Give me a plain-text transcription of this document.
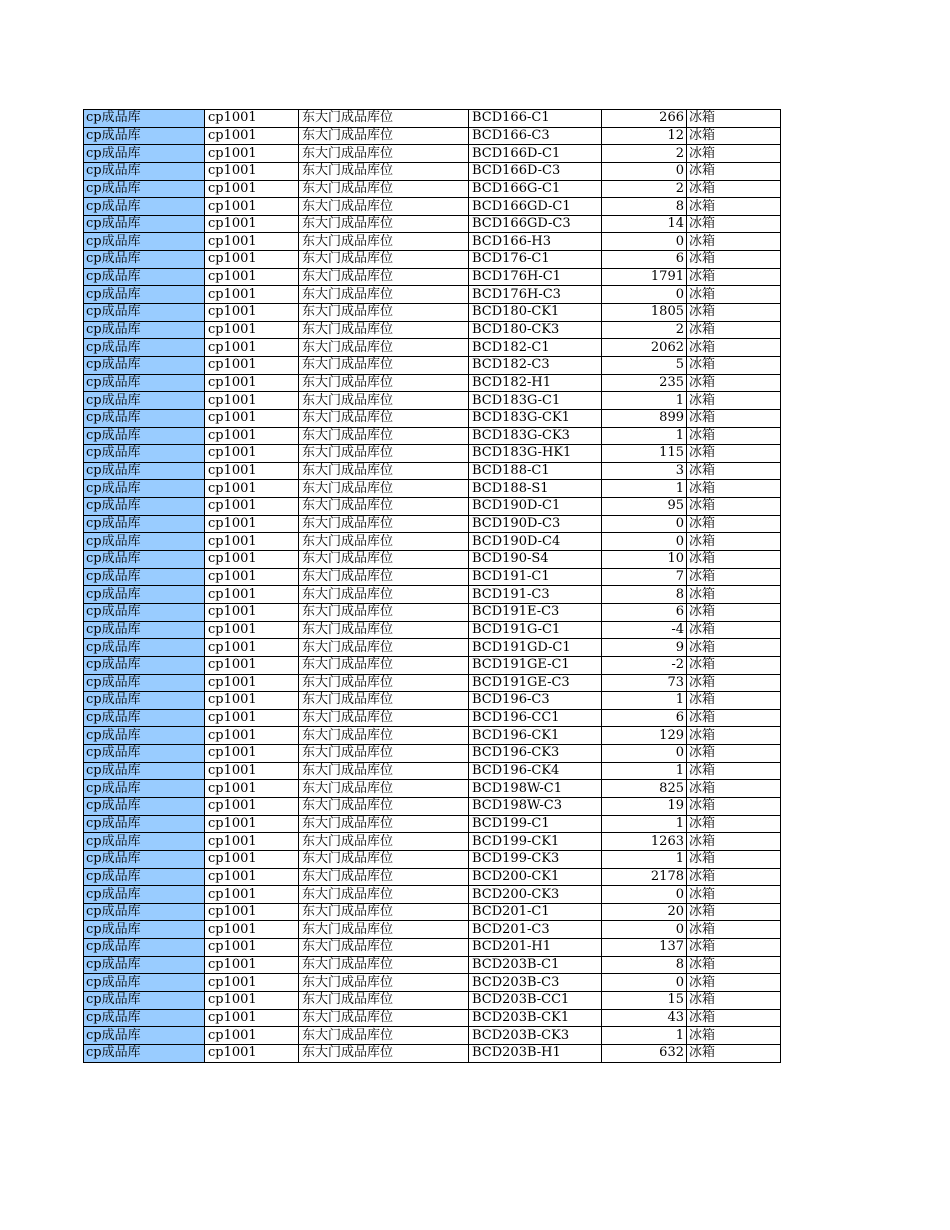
cp成品库	cp1001	东大门成品库位	BCD166-C1	266	冰箱
cp成品库	cp1001	东大门成品库位	BCD166-C3	12	冰箱
cp成品库	cp1001	东大门成品库位	BCD166D-C1	2	冰箱
cp成品库	cp1001	东大门成品库位	BCD166D-C3	0	冰箱
cp成品库	cp1001	东大门成品库位	BCD166G-C1	2	冰箱
cp成品库	cp1001	东大门成品库位	BCD166GD-C1	8	冰箱
cp成品库	cp1001	东大门成品库位	BCD166GD-C3	14	冰箱
cp成品库	cp1001	东大门成品库位	BCD166-H3	0	冰箱
cp成品库	cp1001	东大门成品库位	BCD176-C1	6	冰箱
cp成品库	cp1001	东大门成品库位	BCD176H-C1	1791	冰箱
cp成品库	cp1001	东大门成品库位	BCD176H-C3	0	冰箱
cp成品库	cp1001	东大门成品库位	BCD180-CK1	1805	冰箱
cp成品库	cp1001	东大门成品库位	BCD180-CK3	2	冰箱
cp成品库	cp1001	东大门成品库位	BCD182-C1	2062	冰箱
cp成品库	cp1001	东大门成品库位	BCD182-C3	5	冰箱
cp成品库	cp1001	东大门成品库位	BCD182-H1	235	冰箱
cp成品库	cp1001	东大门成品库位	BCD183G-C1	1	冰箱
cp成品库	cp1001	东大门成品库位	BCD183G-CK1	899	冰箱
cp成品库	cp1001	东大门成品库位	BCD183G-CK3	1	冰箱
cp成品库	cp1001	东大门成品库位	BCD183G-HK1	115	冰箱
cp成品库	cp1001	东大门成品库位	BCD188-C1	3	冰箱
cp成品库	cp1001	东大门成品库位	BCD188-S1	1	冰箱
cp成品库	cp1001	东大门成品库位	BCD190D-C1	95	冰箱
cp成品库	cp1001	东大门成品库位	BCD190D-C3	0	冰箱
cp成品库	cp1001	东大门成品库位	BCD190D-C4	0	冰箱
cp成品库	cp1001	东大门成品库位	BCD190-S4	10	冰箱
cp成品库	cp1001	东大门成品库位	BCD191-C1	7	冰箱
cp成品库	cp1001	东大门成品库位	BCD191-C3	8	冰箱
cp成品库	cp1001	东大门成品库位	BCD191E-C3	6	冰箱
cp成品库	cp1001	东大门成品库位	BCD191G-C1	-4	冰箱
cp成品库	cp1001	东大门成品库位	BCD191GD-C1	9	冰箱
cp成品库	cp1001	东大门成品库位	BCD191GE-C1	-2	冰箱
cp成品库	cp1001	东大门成品库位	BCD191GE-C3	73	冰箱
cp成品库	cp1001	东大门成品库位	BCD196-C3	1	冰箱
cp成品库	cp1001	东大门成品库位	BCD196-CC1	6	冰箱
cp成品库	cp1001	东大门成品库位	BCD196-CK1	129	冰箱
cp成品库	cp1001	东大门成品库位	BCD196-CK3	0	冰箱
cp成品库	cp1001	东大门成品库位	BCD196-CK4	1	冰箱
cp成品库	cp1001	东大门成品库位	BCD198W-C1	825	冰箱
cp成品库	cp1001	东大门成品库位	BCD198W-C3	19	冰箱
cp成品库	cp1001	东大门成品库位	BCD199-C1	1	冰箱
cp成品库	cp1001	东大门成品库位	BCD199-CK1	1263	冰箱
cp成品库	cp1001	东大门成品库位	BCD199-CK3	1	冰箱
cp成品库	cp1001	东大门成品库位	BCD200-CK1	2178	冰箱
cp成品库	cp1001	东大门成品库位	BCD200-CK3	0	冰箱
cp成品库	cp1001	东大门成品库位	BCD201-C1	20	冰箱
cp成品库	cp1001	东大门成品库位	BCD201-C3	0	冰箱
cp成品库	cp1001	东大门成品库位	BCD201-H1	137	冰箱
cp成品库	cp1001	东大门成品库位	BCD203B-C1	8	冰箱
cp成品库	cp1001	东大门成品库位	BCD203B-C3	0	冰箱
cp成品库	cp1001	东大门成品库位	BCD203B-CC1	15	冰箱
cp成品库	cp1001	东大门成品库位	BCD203B-CK1	43	冰箱
cp成品库	cp1001	东大门成品库位	BCD203B-CK3	1	冰箱
cp成品库	cp1001	东大门成品库位	BCD203B-H1	632	冰箱
